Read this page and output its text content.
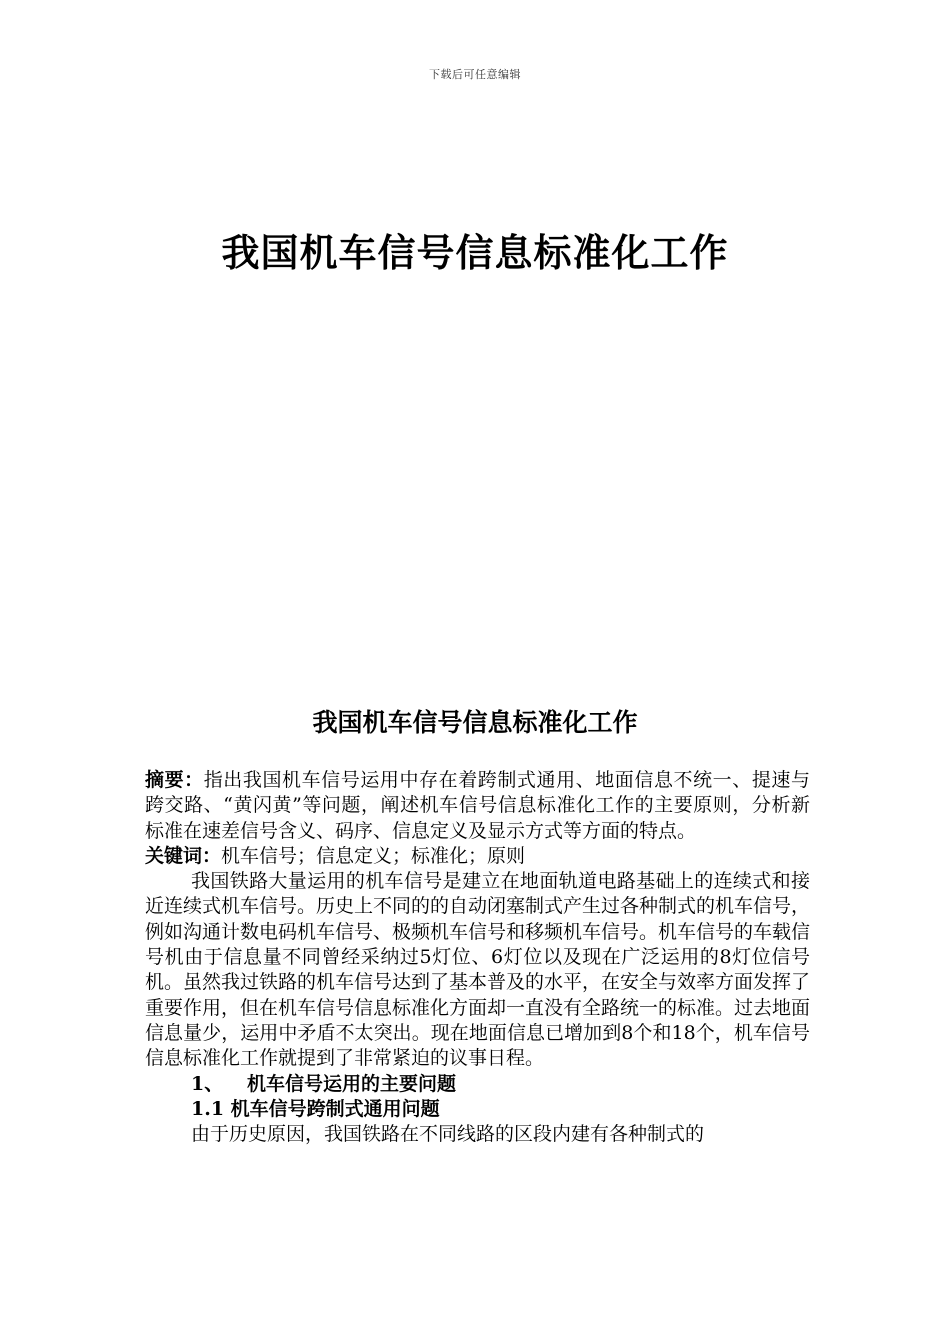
下载后可任意编辑
我国机车信号信息标准化工作
我国机车信号信息标准化工作

摘要：指出我国机车信号运用中存在着跨制式通用、地面信息不统一、提速与跨交路、“黄闪黄”等问题，阐述机车信号信息标准化工作的主要原则，分析新标准在速差信号含义、码序、信息定义及显示方式等方面的特点。

关键词：机车信号；信息定义；标准化；原则

我国铁路大量运用的机车信号是建立在地面轨道电路基础上的连续式和接近连续式机车信号。历史上不同的的自动闭塞制式产生过各种制式的机车信号，例如沟通计数电码机车信号、极频机车信号和移频机车信号。机车信号的车载信号机由于信息量不同曾经采纳过5灯位、6灯位以及现在广泛运用的8灯位信号机。虽然我过铁路的机车信号达到了基本普及的水平，在安全与效率方面发挥了重要作用，但在机车信号信息标准化方面却一直没有全路统一的标准。过去地面信息量少，运用中矛盾不太突出。现在地面信息已增加到8个和18个，机车信号信息标准化工作就提到了非常紧迫的议事日程。

1、 机车信号运用的主要问题

1.1 机车信号跨制式通用问题

由于历史原因，我国铁路在不同线路的区段内建有各种制式的
